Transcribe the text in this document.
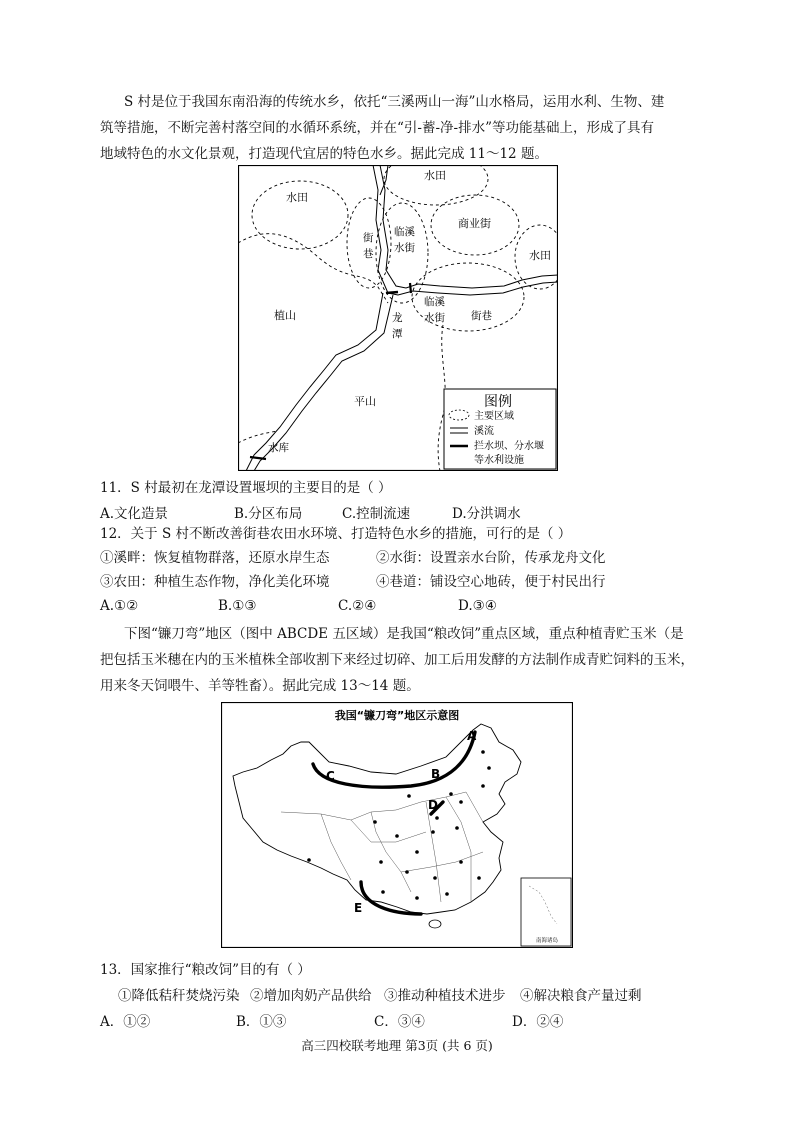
S 村是位于我国东南沿海的传统水乡，依托“三溪两山一海”山水格局，运用水利、生物、建
筑等措施，不断完善村落空间的水循环系统，并在“引-蓄-净-排水”等功能基础上，形成了具有
地域特色的水文化景观，打造现代宜居的特色水乡。据此完成 11～12 题。
水田
水田
商业街
水田
街
巷
临溪
水街
临溪
水街 街巷
龙
潭
植山
平山
水库
图例
主要区域
溪流
拦水坝、分水堰
等水利设施
11．S 村最初在龙潭设置堰坝的主要目的是（ ）
A.文化造景	B.分区布局	C.控制流速	D.分洪调水
12．关于 S 村不断改善街巷农田水环境、打造特色水乡的措施，可行的是（ ）
①溪畔：恢复植物群落，还原水岸生态	②水街：设置亲水台阶，传承龙舟文化
③农田：种植生态作物，净化美化环境	④巷道：铺设空心地砖，便于村民出行
A.①②	B.①③	C.②④	D.③④
下图“镰刀弯”地区（图中 ABCDE 五区域）是我国“粮改饲”重点区域，重点种植青贮玉米（是
把包括玉米穗在内的玉米植株全部收割下来经过切碎、加工后用发酵的方法制作成青贮饲料的玉米，
用来冬天饲喂牛、羊等牲畜）。据此完成 13～14 题。
我国“镰刀弯”地区示意图
A
B
C
D
E
南海诸岛
13．国家推行“粮改饲”目的有（ ）
①降低秸秆焚烧污染 ②增加肉奶产品供给 ③推动种植技术进步 ④解决粮食产量过剩
A．①②	B．①③	C．③④	D．②④
高三四校联考地理 第3页 (共 6 页)
